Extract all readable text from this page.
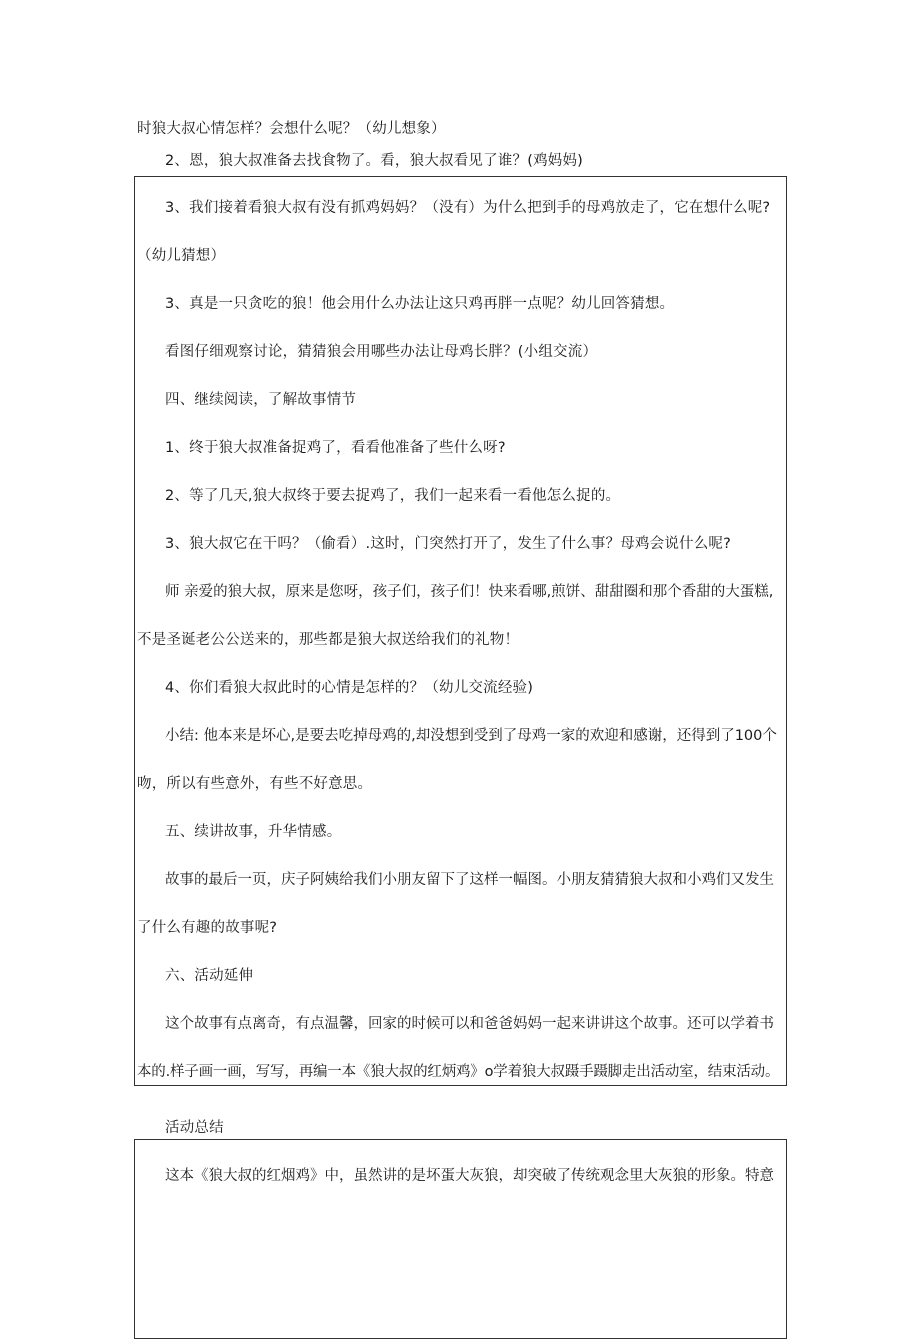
时狼大叔心情怎样？会想什么呢？（幼儿想象）
2、恩，狼大叔准备去找食物了。看，狼大叔看见了谁？(鸡妈妈)
3、我们接着看狼大叔有没有抓鸡妈妈？（没有）为什么把到手的母鸡放走了，它在想什么呢?
（幼儿猜想）
3、真是一只贪吃的狼！他会用什么办法让这只鸡再胖一点呢？幼儿回答猜想。
看图仔细观察讨论，猜猜狼会用哪些办法让母鸡长胖？(小组交流）
四、继续阅读，了解故事情节
1、终于狼大叔准备捉鸡了，看看他准备了些什么呀?
2、等了几天,狼大叔终于要去捉鸡了，我们一起来看一看他怎么捉的。
3、狼大叔它在干吗？（偷看）.这时，门突然打开了，发生了什么事？母鸡会说什么呢?
师 亲爱的狼大叔，原来是您呀，孩子们，孩子们！快来看哪,煎饼、甜甜圈和那个香甜的大蛋糕,
不是圣诞老公公送来的，那些都是狼大叔送给我们的礼物！
4、你们看狼大叔此时的心情是怎样的？（幼儿交流经验)
小结: 他本来是坏心,是要去吃掉母鸡的,却没想到受到了母鸡一家的欢迎和感谢，还得到了100个
吻，所以有些意外，有些不好意思。
五、续讲故事，升华情感。
故事的最后一页，庆子阿姨给我们小朋友留下了这样一幅图。小朋友猜猜狼大叔和小鸡们又发生
了什么有趣的故事呢?
六、活动延伸
这个故事有点离奇，有点温馨，回家的时候可以和爸爸妈妈一起来讲讲这个故事。还可以学着书
本的.样子画一画，写写，再编一本《狼大叔的红炳鸡》o学着狼大叔蹑手蹑脚走出活动室，结束活动。
活动总结
这本《狼大叔的红烟鸡》中，虽然讲的是坏蛋大灰狼，却突破了传统观念里大灰狼的形象。特意
